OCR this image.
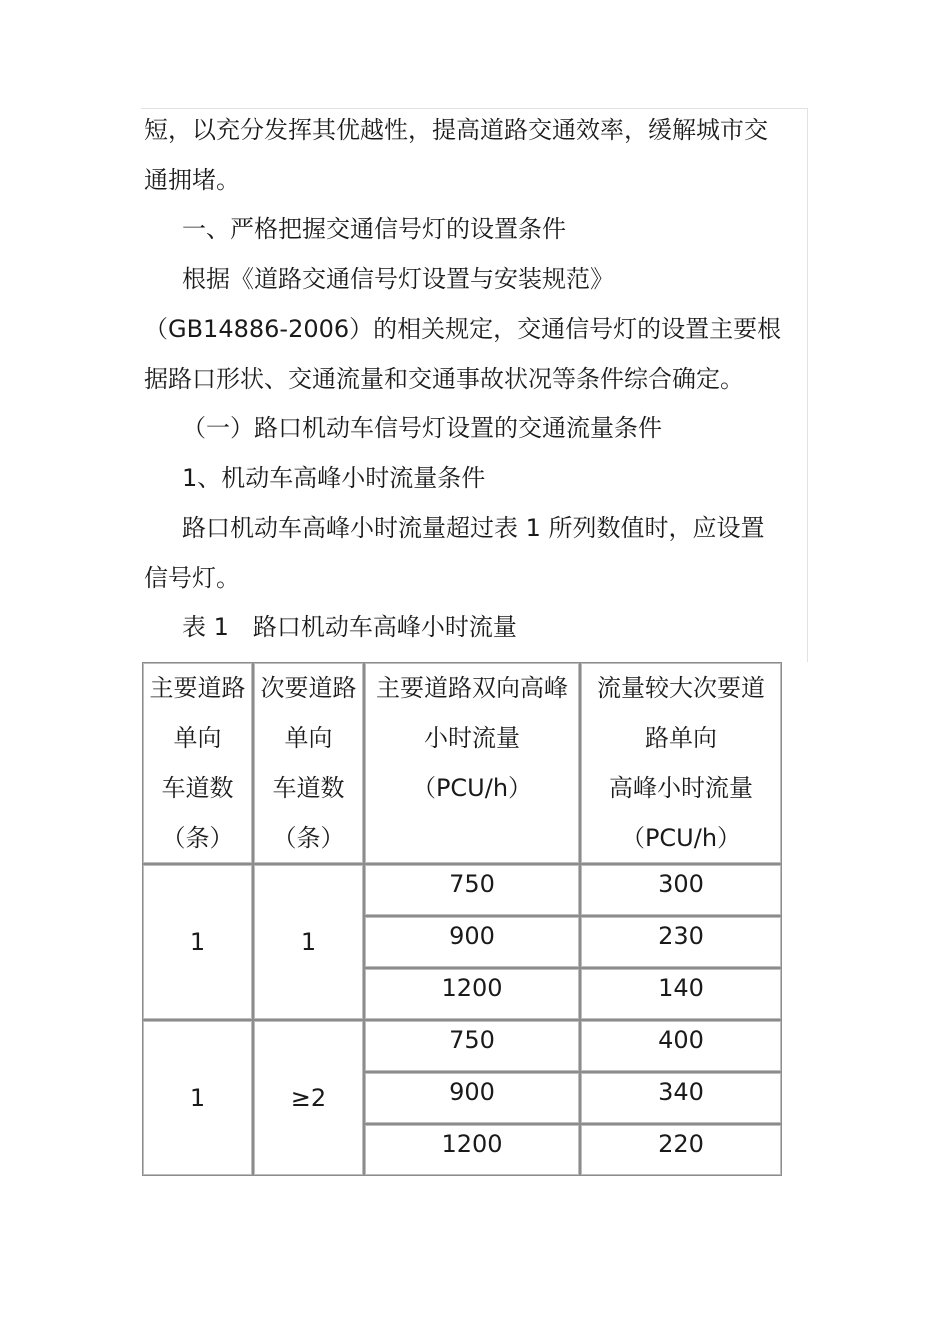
短，以充分发挥其优越性，提高道路交通效率，缓解城市交
通拥堵。
一、严格把握交通信号灯的设置条件
根据《道路交通信号灯设置与安装规范》
（GB14886-2006）的相关规定，交通信号灯的设置主要根
据路口形状、交通流量和交通事故状况等条件综合确定。
（一）路口机动车信号灯设置的交通流量条件
1、机动车高峰小时流量条件
路口机动车高峰小时流量超过表 1 所列数值时，应设置
信号灯。
表 1　路口机动车高峰小时流量
主要道路
单向
车道数
（条）	次要道路
单向
车道数
（条）	主要道路双向高峰
小时流量
（PCU/h）	流量较大次要道
路单向
高峰小时流量
（PCU/h）

1	1	750	300
		900	230
		1200	140
1	≥2	750	400
		900	340
		1200	220
